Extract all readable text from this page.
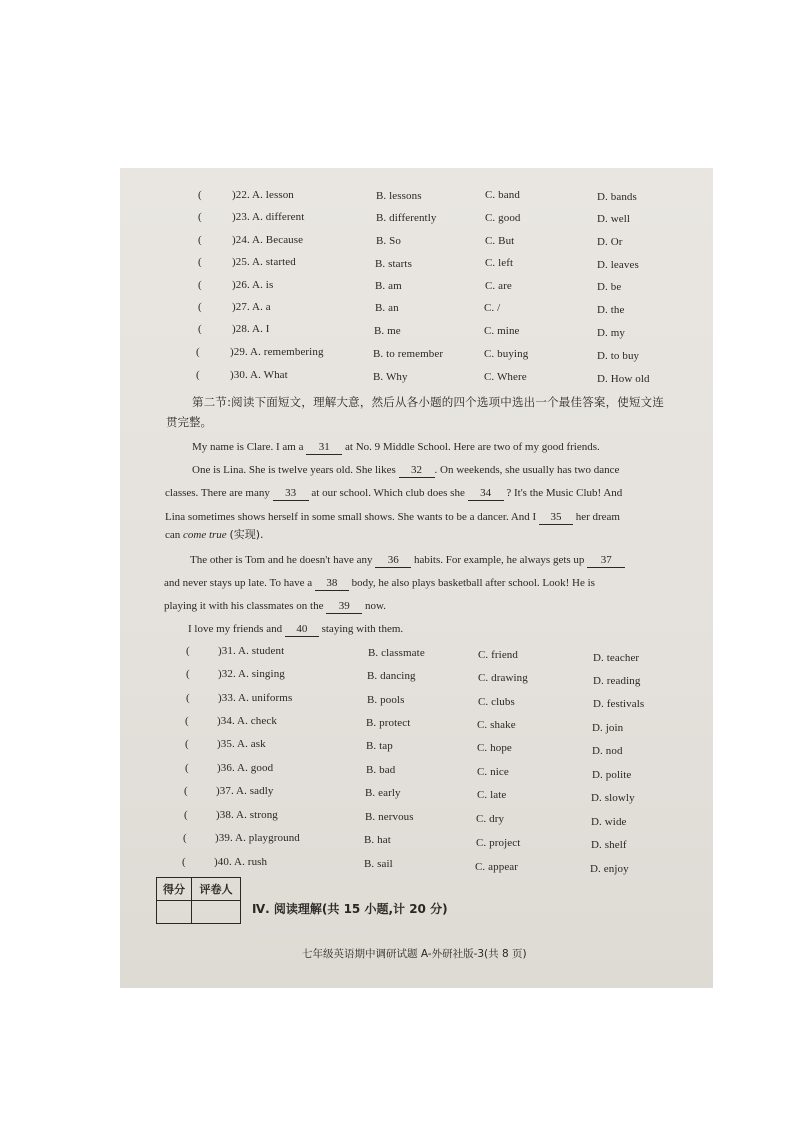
(	)22. A. lesson	B. lessons	C. band	D. bands
(	)23. A. different	B. differently	C. good	D. well
(	)24. A. Because	B. So	C. But	D. Or
(	)25. A. started	B. starts	C. left	D. leaves
(	)26. A. is	B. am	C. are	D. be
(	)27. A. a	B. an	C. /	D. the
(	)28. A. I	B. me	C. mine	D. my
(	)29. A. remembering	B. to remember	C. buying	D. to buy
(	)30. A. What	B. Why	C. Where	D. How old
第二节:阅读下面短文，理解大意，然后从各小题的四个选项中选出一个最佳答案，使短文连
贯完整。
My name is Clare. I am a 31 at No. 9 Middle School. Here are two of my good friends.
One is Lina. She is twelve years old. She likes 32 . On weekends, she usually has two dance
classes. There are many 33 at our school. Which club does she 34 ? It's the Music Club! And
Lina sometimes shows herself in some small shows. She wants to be a dancer. And I 35 her dream
can come true (实现).
The other is Tom and he doesn't have any 36 habits. For example, he always gets up 37
and never stays up late. To have a 38 body, he also plays basketball after school. Look! He is
playing it with his classmates on the 39 now.
I love my friends and 40 staying with them.
(	)31. A. student	B. classmate	C. friend	D. teacher
(	)32. A. singing	B. dancing	C. drawing	D. reading
(	)33. A. uniforms	B. pools	C. clubs	D. festivals
(	)34. A. check	B. protect	C. shake	D. join
(	)35. A. ask	B. tap	C. hope	D. nod
(	)36. A. good	B. bad	C. nice	D. polite
(	)37. A. sadly	B. early	C. late	D. slowly
(	)38. A. strong	B. nervous	C. dry	D. wide
(	)39. A. playground	B. hat	C. project	D. shelf
(	)40. A. rush	B. sail	C. appear	D. enjoy
得分	评卷人

Ⅳ. 阅读理解(共 15 小题,计 20 分)
七年级英语期中调研试题 A-外研社版-3(共 8 页)
